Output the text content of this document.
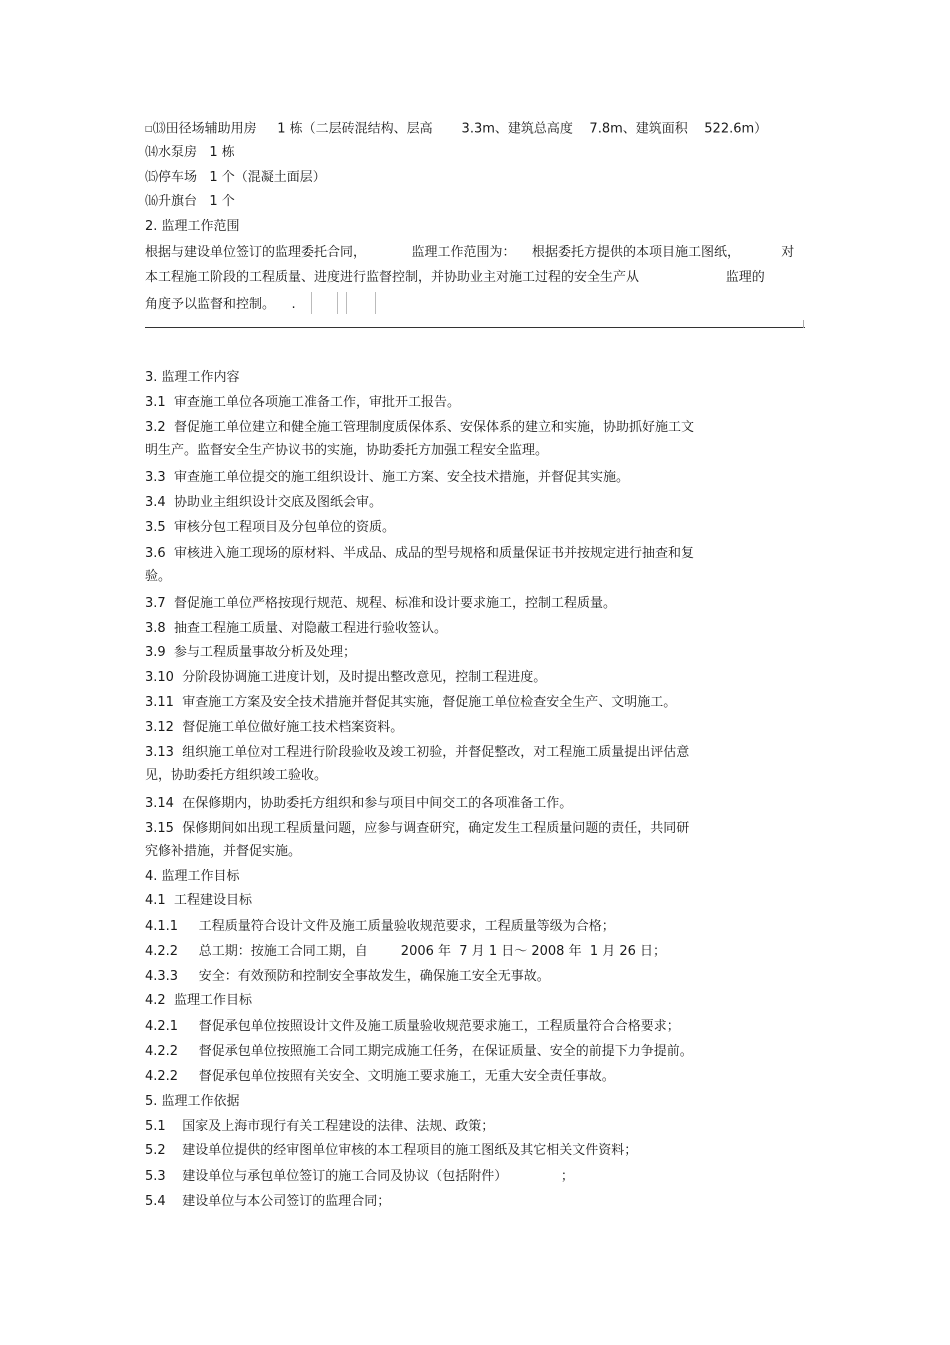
□⒀田径场辅助用房     1 栋（二层砖混结构、层高       3.3m、建筑总高度    7.8m、建筑面积    522.6m）
⒁水泵房   1 栋
⒂停车场   1 个（混凝土面层）
⒃升旗台   1 个
2. 监理工作范围
根据与建设单位签订的监理委托合同，           监理工作范围为：    根据委托方提供的本项目施工图纸，          对
本工程施工阶段的工程质量、进度进行监督控制，并协助业主对施工过程的安全生产从                     监理的
角度予以监督和控制。    .
3. 监理工作内容
3.1  审查施工单位各项施工准备工作，审批开工报告。
3.2  督促施工单位建立和健全施工管理制度质保体系、安保体系的建立和实施，协助抓好施工文
明生产。监督安全生产协议书的实施，协助委托方加强工程安全监理。
3.3  审查施工单位提交的施工组织设计、施工方案、安全技术措施，并督促其实施。
3.4  协助业主组织设计交底及图纸会审。
3.5  审核分包工程项目及分包单位的资质。
3.6  审核进入施工现场的原材料、半成品、成品的型号规格和质量保证书并按规定进行抽查和复
验。
3.7  督促施工单位严格按现行规范、规程、标准和设计要求施工，控制工程质量。
3.8  抽查工程施工质量、对隐蔽工程进行验收签认。
3.9  参与工程质量事故分析及处理；
3.10  分阶段协调施工进度计划，及时提出整改意见，控制工程进度。
3.11  审查施工方案及安全技术措施并督促其实施，督促施工单位检查安全生产、文明施工。
3.12  督促施工单位做好施工技术档案资料。
3.13  组织施工单位对工程进行阶段验收及竣工初验，并督促整改，对工程施工质量提出评估意
见，协助委托方组织竣工验收。
3.14  在保修期内，协助委托方组织和参与项目中间交工的各项准备工作。
3.15  保修期间如出现工程质量问题，应参与调查研究，确定发生工程质量问题的责任，共同研
究修补措施，并督促实施。
4. 监理工作目标
4.1  工程建设目标
4.1.1     工程质量符合设计文件及施工质量验收规范要求，工程质量等级为合格；
4.2.2     总工期：按施工合同工期，自        2006 年  7 月 1 日～ 2008 年  1 月 26 日；
4.3.3     安全：有效预防和控制安全事故发生，确保施工安全无事故。
4.2  监理工作目标
4.2.1     督促承包单位按照设计文件及施工质量验收规范要求施工，工程质量符合合格要求；
4.2.2     督促承包单位按照施工合同工期完成施工任务，在保证质量、安全的前提下力争提前。
4.2.2     督促承包单位按照有关安全、文明施工要求施工，无重大安全责任事故。
5. 监理工作依据
5.1    国家及上海市现行有关工程建设的法律、法规、政策；
5.2    建设单位提供的经审图单位审核的本工程项目的施工图纸及其它相关文件资料；
5.3    建设单位与承包单位签订的施工合同及协议（包括附件）             ；
5.4    建设单位与本公司签订的监理合同；
